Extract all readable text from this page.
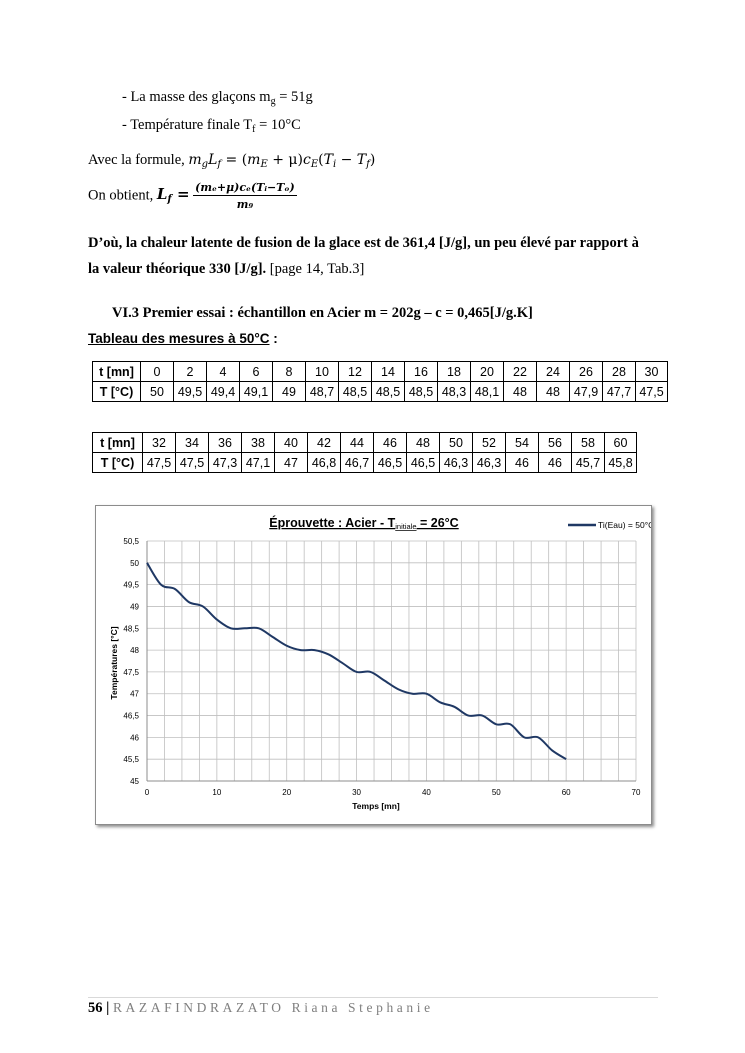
- La masse des glaçons $m_g = 51g$
- Température finale $T_f = 10^\circ C$
Avec la formule, $m_gL_f = (m_E + \mu)c_E(T_i - T_f)$
On obtient, $L_f = \frac{\text{(mₑ+μ)cₑ(Tᵢ−Tₒ)}}{\text{m₉}}$
D’où, la chaleur latente de fusion de la glace est de 361,4 [J/g], un peu élevé par rapport à
la valeur théorique 330 [J/g]. [page 14, Tab.3]
VI.3 Premier essai : échantillon en Acier m = 202g – c = 0,465[J/g.K]
Tableau des mesures à 50°C :
t [mn]	0	2	4	6	8	10	12	14	16	18	20	22	24	26	28	30
T [°C)	50	49,5	49,4	49,1	49	48,7	48,5	48,5	48,5	48,3	48,1	48	48	47,9	47,7	47,5
t [mn]	32	34	36	38	40	42	44	46	48	50	52	54	56	58	60
T [°C)	47,5	47,5	47,3	47,1	47	46,8	46,7	46,5	46,5	46,3	46,3	46	46	45,7	45,8
Éprouvette : Acier - Tinitiale = 26°C	Ti(Eau) = 50°C
45
45,5
46
46,5
47
47,5
48
48,5
49
49,5
50
50,5
0	10	20	30	40	50	60	70
Temps [mn]
Températures [°C]
56 | RAZAFINDRAZATO Riana Stephanie
